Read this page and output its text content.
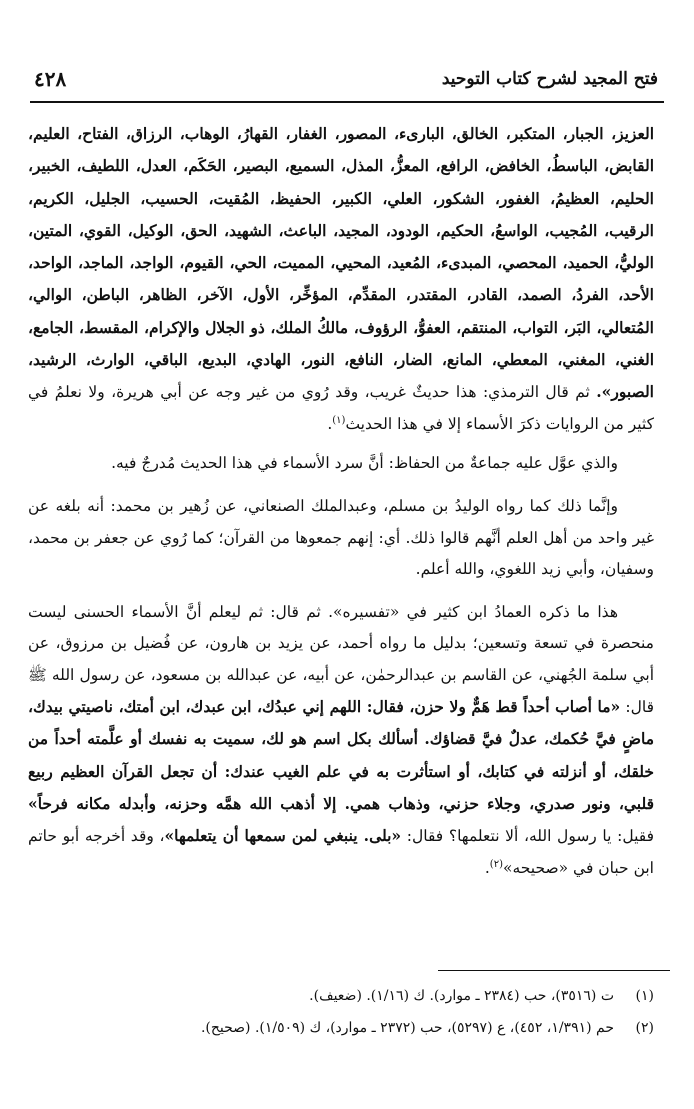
٤٢٨	فتح المجيد لشرح كتاب التوحيد

العزيز، الجبار، المتكبر، الخالق، البارىء، المصور، الغفار، القهارُ، الوهاب، الرزاق، الفتاح، العليم، القابض، الباسطُ، الخافض، الرافع، المعزُّ، المذل، السميع، البصير، الحَكَم، العدل، اللطيف، الخبير، الحليم، العظيمُ، الغفور، الشكور، العلي، الكبير، الحفيظ، المُقيت، الحسيب، الجليل، الكريم، الرقيب، المُجيب، الواسعُ، الحكيم، الودود، المجيد، الباعث، الشهيد، الحق، الوكيل، القوي، المتين، الوليُّ، الحميد، المحصي، المبدىء، المُعيد، المحيي، المميت، الحي، القيوم، الواجد، الماجد، الواحد، الأحد، الفردُ، الصمد، القادر، المقتدر، المقدِّم، المؤخِّر، الأول، الآخر، الظاهر، الباطن، الوالي، المُتعالي، البَر، التواب، المنتقم، العفوُّ، الرؤوف، مالكُ الملك، ذو الجلال والإكرام، المقسط، الجامع، الغني، المغني، المعطي، المانع، الضار، النافع، النور، الهادي، البديع، الباقي، الوارث، الرشيد، الصبور». ثم قال الترمذي: هذا حديثٌ غريب، وقد رُوي من غير وجه عن أبي هريرة، ولا نعلمُ في كثير من الروايات ذكرَ الأسماء إلا في هذا الحديث$^{(١)}$.

والذي عوَّل عليه جماعةٌ من الحفاظ: أنَّ سرد الأسماء في هذا الحديث مُدرجٌ فيه.

وإنَّما ذلك كما رواه الوليدُ بن مسلم، وعبدالملك الصنعاني، عن زُهير بن محمد: أنه بلغه عن غير واحد من أهل العلم أنَّهم قالوا ذلك. أي: إنهم جمعوها من القرآن؛ كما رُوي عن جعفر بن محمد، وسفيان، وأبي زيد اللغوي، والله أعلم.

هذا ما ذكره العمادُ ابن كثير في «تفسيره». ثم قال: ثم ليعلم أنَّ الأسماء الحسنى ليست منحصرة في تسعة وتسعين؛ بدليل ما رواه أحمد، عن يزيد بن هارون، عن فُضيل بن مرزوق، عن أبي سلمة الجُهني، عن القاسم بن عبدالرحمٰن، عن أبيه، عن عبدالله بن مسعود، عن رسول الله ﷺ قال: «ما أصاب أحداً قط هَمٌّ ولا حزن، فقال: اللهم إني عبدُك، ابن عبدك، ابن أمتك، ناصيتي بيدك، ماضٍ فيَّ حُكمك، عدلٌ فيَّ قضاؤك. أسألك بكل اسم هو لك، سميت به نفسك أو علَّمته أحداً من خلقك، أو أنزلته في كتابك، أو استأثرت به في علم الغيب عندك: أن تجعل القرآن العظيم ربيع قلبي، ونور صدري، وجلاء حزني، وذهاب همي. إلا أذهب الله همَّه وحزنه، وأبدله مكانه فرحاً» فقيل: يا رسول الله، ألا نتعلمها؟ فقال: «بلى. ينبغي لمن سمعها أن يتعلمها»، وقد أخرجه أبو حاتم ابن حبان في «صحيحه»$^{(٢)}$.

(١)ت (٣٥١٦)، حب (٢٣٨٤ ـ موارد). ك (١/١٦). (ضعيف).

(٢)حم (١/٣٩١، ٤٥٢)، ع (٥٢٩٧)، حب (٢٣٧٢ ـ موارد)، ك (١/٥٠٩). (صحيح).
